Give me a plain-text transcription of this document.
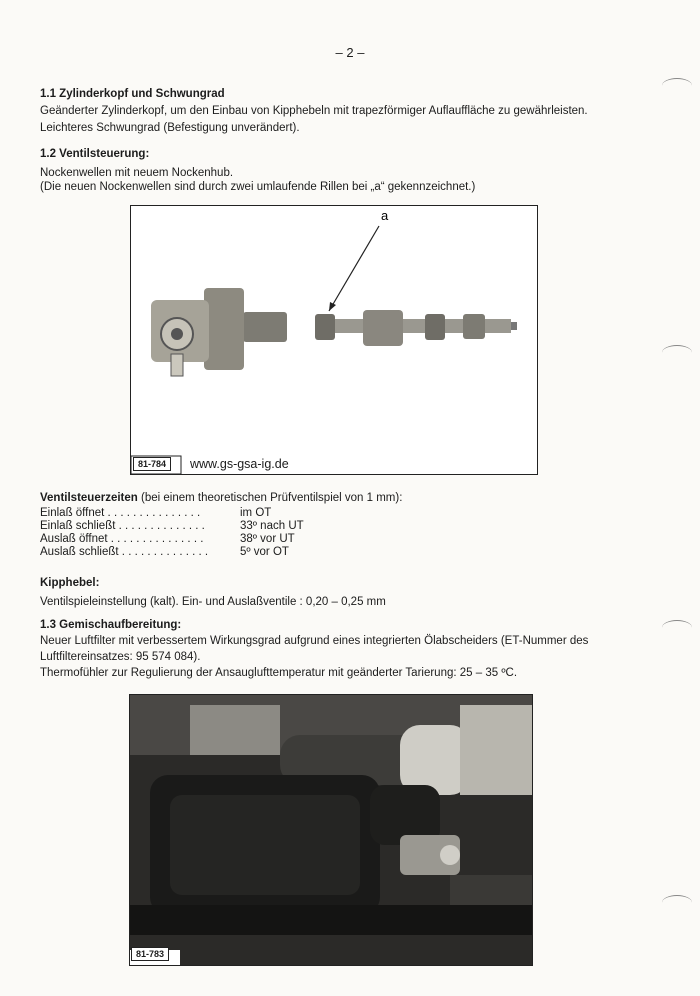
– 2 –
1.1 Zylinderkopf und Schwungrad

Geänderter Zylinderkopf, um den Einbau von Kipphebeln mit trapezförmiger Auflauffläche zu gewährleisten.

Leichteres Schwungrad (Befestigung unverändert).

1.2 Ventilsteuerung:

Nockenwellen mit neuem Nockenhub.

(Die neuen Nockenwellen sind durch zwei umlaufende Rillen bei „a“ gekennzeichnet.)

a
81-784	www.gs-gsa-ig.de
Ventilsteuerzeiten (bei einem theoretischen Prüfventilspiel von 1 mm):
Einlaß öffnet . . . . . . . . . . . . . . .	im OT
Einlaß schließt . . . . . . . . . . . . . .	33º nach UT
Auslaß öffnet . . . . . . . . . . . . . . .	38º vor UT
Auslaß schließt . . . . . . . . . . . . . .	5º vor OT
Kipphebel:

Ventilspieleinstellung (kalt). Ein- und Auslaßventile : 0,20 – 0,25 mm

1.3 Gemischaufbereitung:

Neuer Luftfilter mit verbessertem Wirkungsgrad aufgrund eines integrierten Ölabscheiders (ET-Nummer des Luftfiltereinsatzes: 95 574 084).

Thermofühler zur Regulierung der Ansauglufttemperatur mit geänderter Tarierung: 25 – 35 ºC.

81-783
